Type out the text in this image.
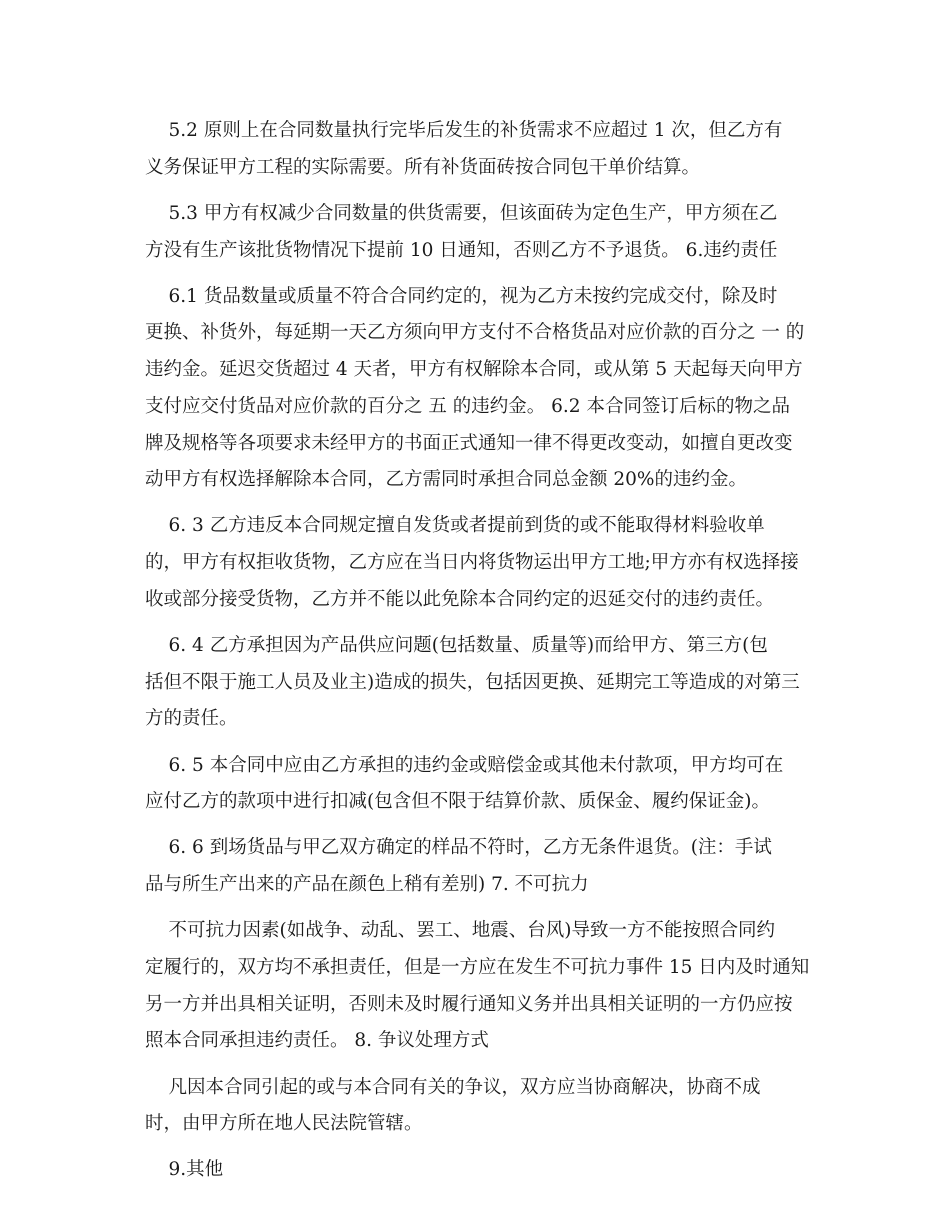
5.2 原则上在合同数量执行完毕后发生的补货需求不应超过 1 次，但乙方有
义务保证甲方工程的实际需要。所有补货面砖按合同包干单价结算。
5.3 甲方有权减少合同数量的供货需要，但该面砖为定色生产，甲方须在乙
方没有生产该批货物情况下提前 10 日通知，否则乙方不予退货。 6.违约责任
6.1 货品数量或质量不符合合同约定的，视为乙方未按约完成交付，除及时
更换、补货外，每延期一天乙方须向甲方支付不合格货品对应价款的百分之 一 的
违约金。延迟交货超过 4 天者，甲方有权解除本合同，或从第 5 天起每天向甲方
支付应交付货品对应价款的百分之 五 的违约金。 6.2 本合同签订后标的物之品
牌及规格等各项要求未经甲方的书面正式通知一律不得更改变动，如擅自更改变
动甲方有权选择解除本合同，乙方需同时承担合同总金额 20%的违约金。
6. 3 乙方违反本合同规定擅自发货或者提前到货的或不能取得材料验收单
的，甲方有权拒收货物，乙方应在当日内将货物运出甲方工地;甲方亦有权选择接
收或部分接受货物，乙方并不能以此免除本合同约定的迟延交付的违约责任。
6. 4 乙方承担因为产品供应问题(包括数量、质量等)而给甲方、第三方(包
括但不限于施工人员及业主)造成的损失，包括因更换、延期完工等造成的对第三
方的责任。
6. 5 本合同中应由乙方承担的违约金或赔偿金或其他未付款项，甲方均可在
应付乙方的款项中进行扣减(包含但不限于结算价款、质保金、履约保证金)。
6. 6 到场货品与甲乙双方确定的样品不符时，乙方无条件退货。(注：手试
品与所生产出来的产品在颜色上稍有差别) 7. 不可抗力
不可抗力因素(如战争、动乱、罢工、地震、台风)导致一方不能按照合同约
定履行的，双方均不承担责任，但是一方应在发生不可抗力事件 15 日内及时通知
另一方并出具相关证明，否则未及时履行通知义务并出具相关证明的一方仍应按
照本合同承担违约责任。 8. 争议处理方式
凡因本合同引起的或与本合同有关的争议，双方应当协商解决，协商不成
时，由甲方所在地人民法院管辖。
9.其他
